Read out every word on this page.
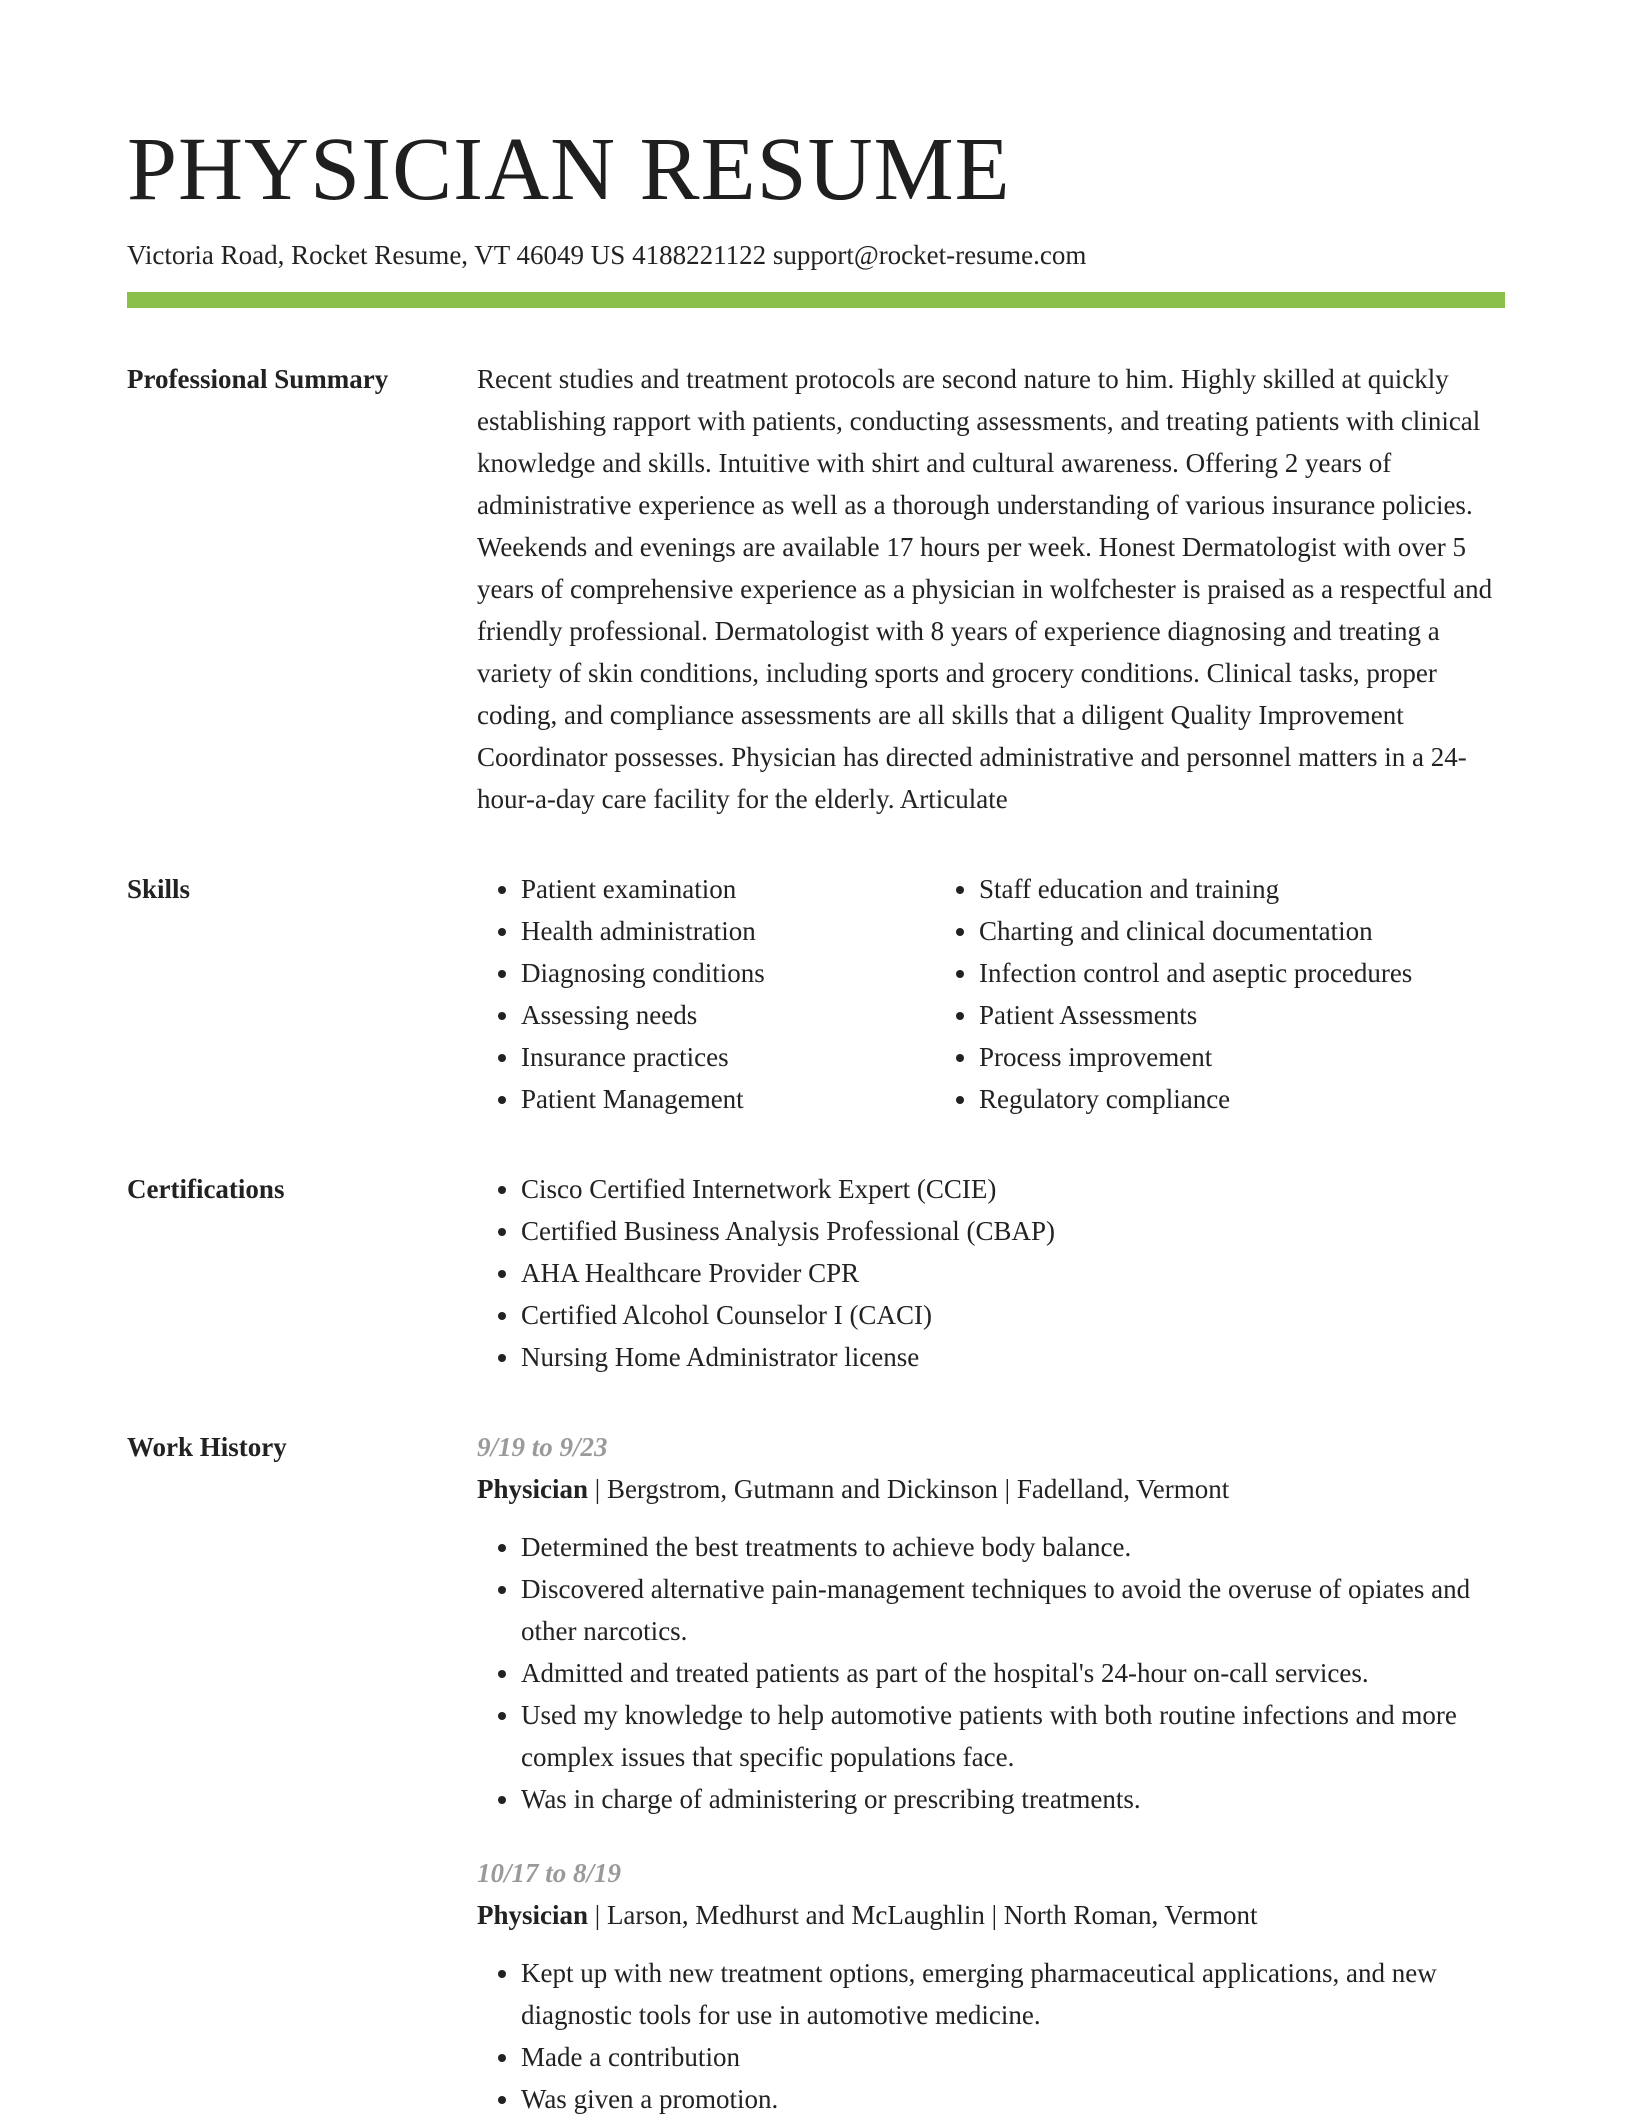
PHYSICIAN RESUME
Victoria Road, Rocket Resume, VT 46049 US 4188221122 support@rocket-resume.com
Professional Summary	Recent studies and treatment protocols are second nature to him. Highly skilled at quickly establishing rapport with patients, conducting assessments, and treating patients with clinical knowledge and skills. Intuitive with shirt and cultural awareness. Offering 2 years of administrative experience as well as a thorough understanding of various insurance policies. Weekends and evenings are available 17 hours per week. Honest Dermatologist with over 5 years of comprehensive experience as a physician in wolfchester is praised as a respectful and friendly professional. Dermatologist with 8 years of experience diagnosing and treating a variety of skin conditions, including sports and grocery conditions. Clinical tasks, proper coding, and compliance assessments are all skills that a diligent Quality Improvement Coordinator possesses. Physician has directed administrative and personnel matters in a 24-hour-a-day care facility for the elderly. Articulate

Skills	• Patient examination
• Health administration
• Diagnosing conditions
• Assessing needs
• Insurance practices
• Patient Management
• Staff education and training
• Charting and clinical documentation
• Infection control and aseptic procedures
• Patient Assessments
• Process improvement
• Regulatory compliance
Certifications	• Cisco Certified Internetwork Expert (CCIE)
• Certified Business Analysis Professional (CBAP)
• AHA Healthcare Provider CPR
• Certified Alcohol Counselor I (CACI)
• Nursing Home Administrator license
Work History	9/19 to 9/23
Physician | Bergstrom, Gutmann and Dickinson | Fadelland, Vermont
• Determined the best treatments to achieve body balance.
• Discovered alternative pain-management techniques to avoid the overuse of opiates and other narcotics.
• Admitted and treated patients as part of the hospital's 24-hour on-call services.
• Used my knowledge to help automotive patients with both routine infections and more complex issues that specific populations face.
• Was in charge of administering or prescribing treatments.
10/17 to 8/19
Physician | Larson, Medhurst and McLaughlin | North Roman, Vermont
• Kept up with new treatment options, emerging pharmaceutical applications, and new diagnostic tools for use in automotive medicine.
• Made a contribution
• Was given a promotion.
